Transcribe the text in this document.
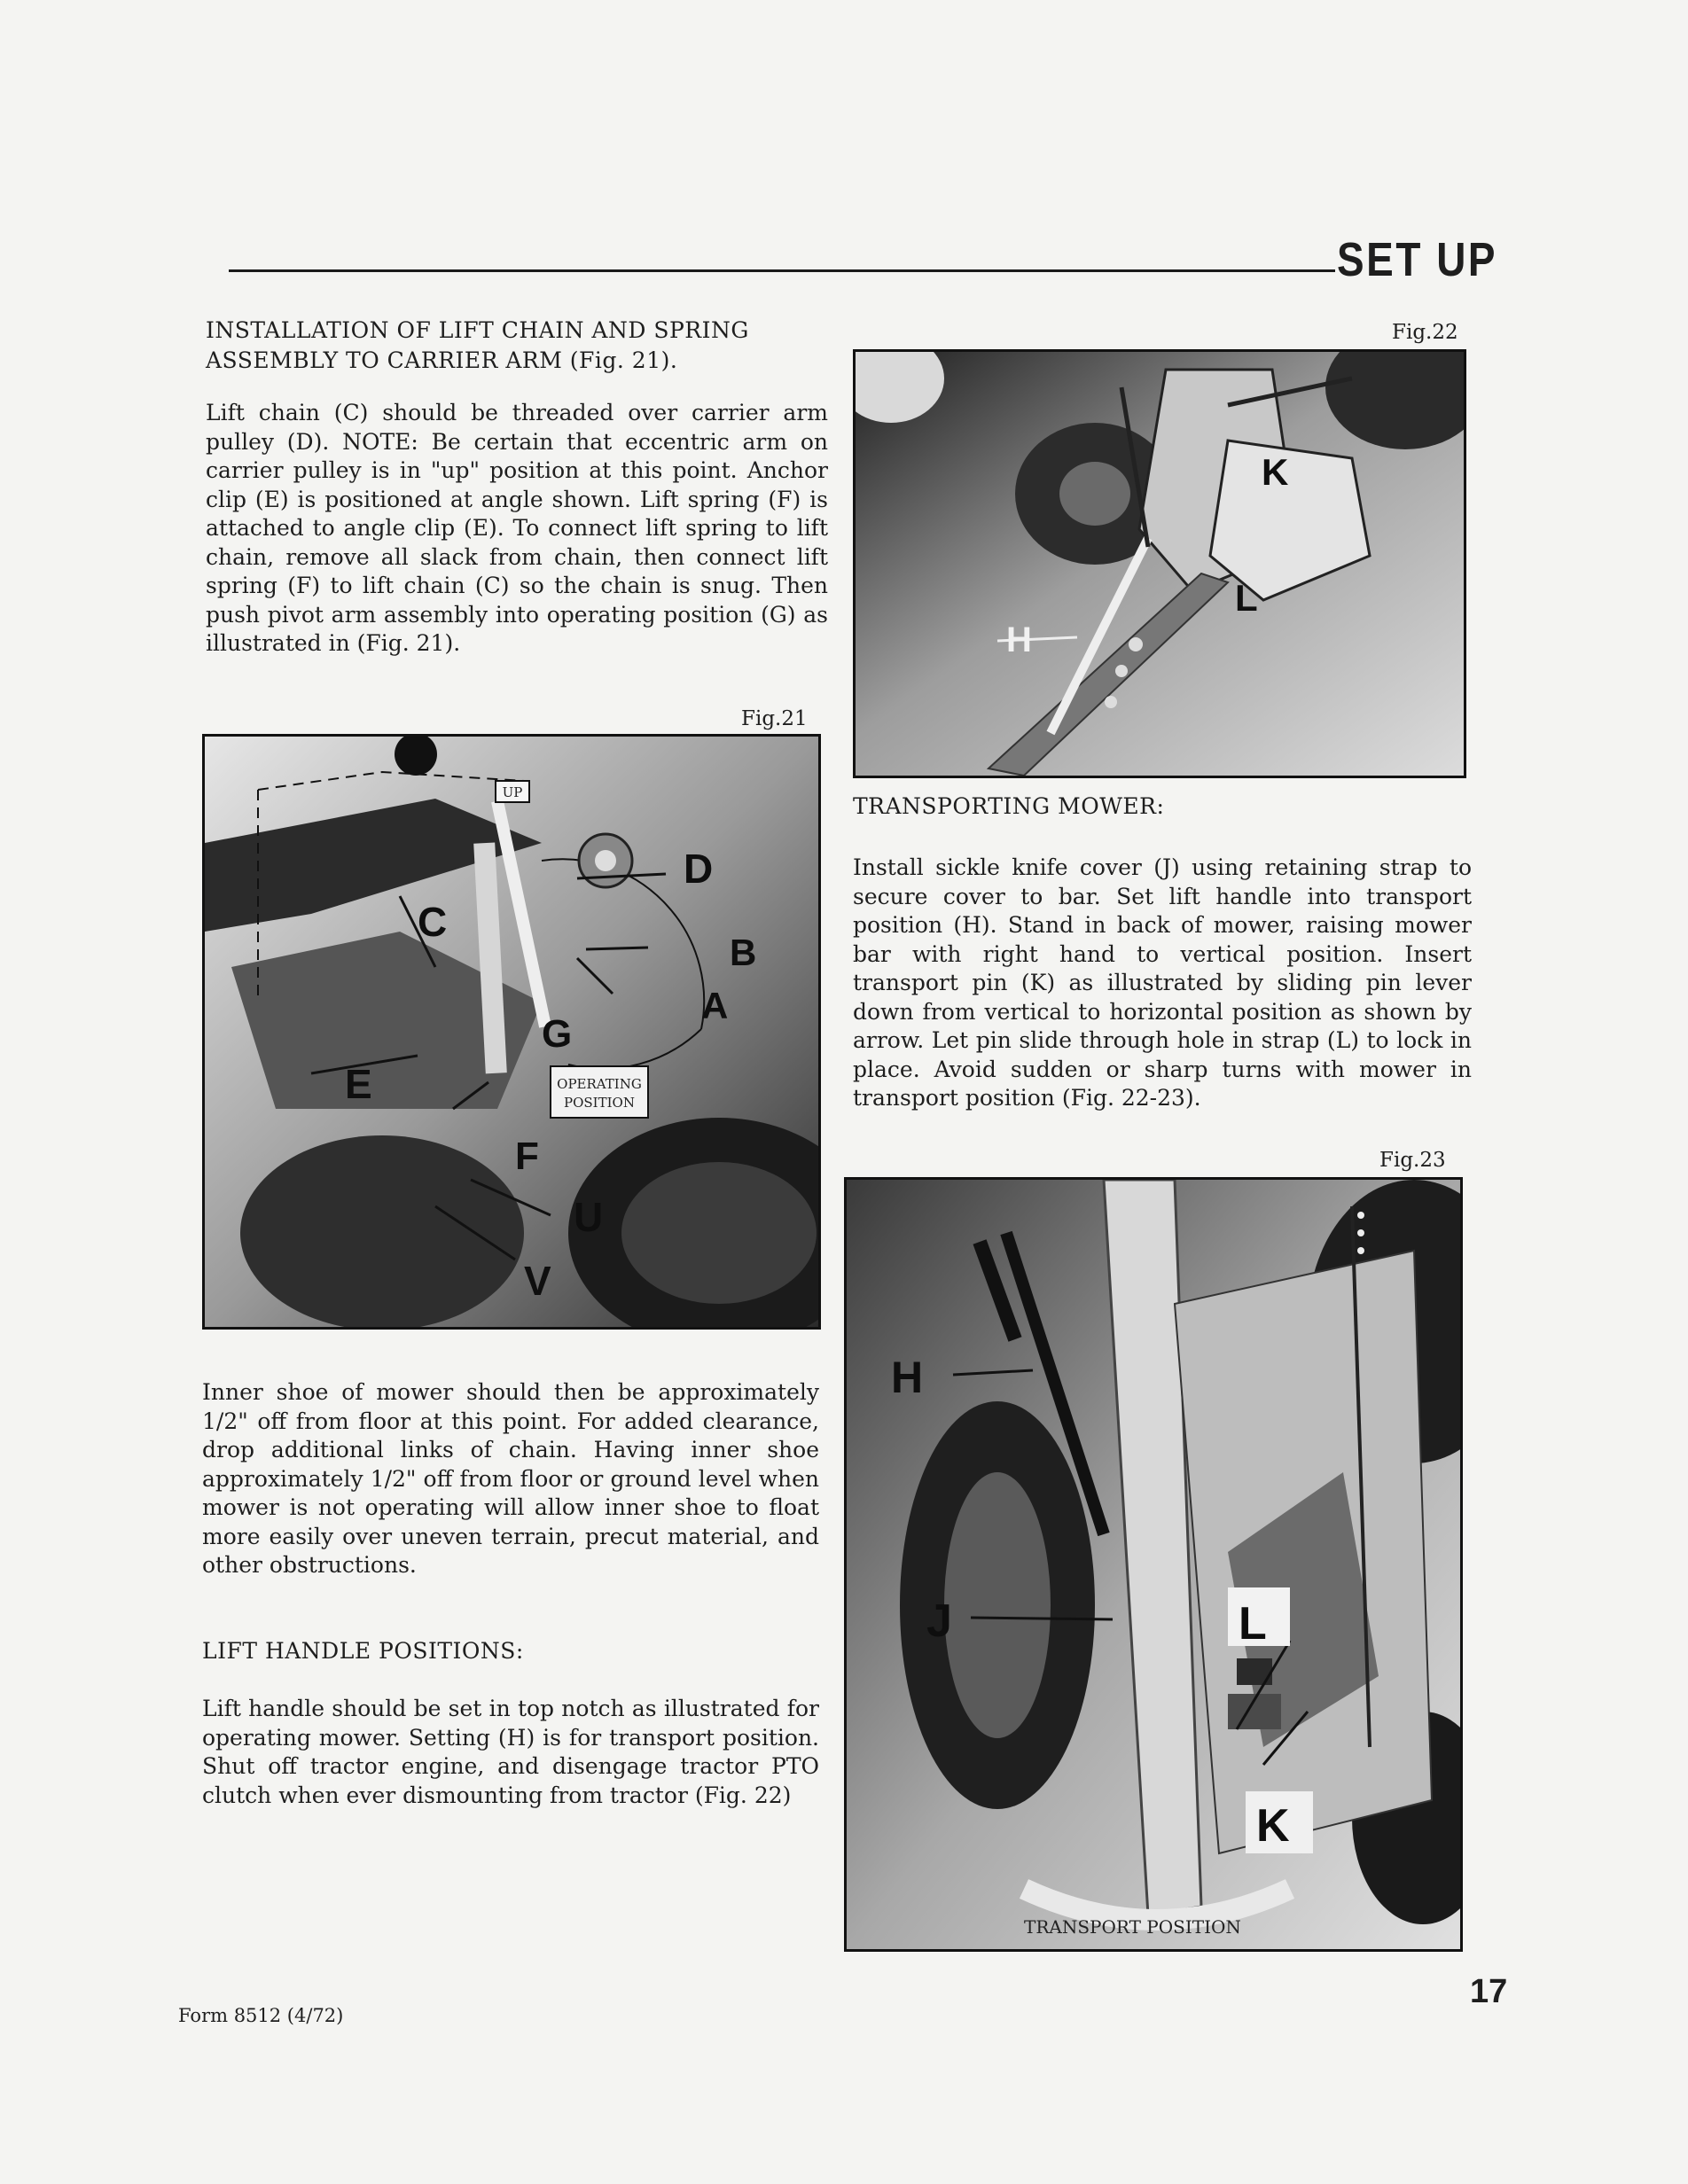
SET UP
INSTALLATION OF LIFT CHAIN AND SPRING ASSEMBLY TO CARRIER ARM (Fig. 21).
Lift chain (C) should be threaded over carrier arm pulley (D). NOTE: Be certain that eccentric arm on carrier pulley is in "up" position at this point. Anchor clip (E) is positioned at angle shown. Lift spring (F) is attached to angle clip (E). To connect lift spring to lift chain, remove all slack from chain, then connect lift spring (F) to lift chain (C) so the chain is snug. Then push pivot arm assembly into operating position (G) as illustrated in (Fig. 21).
Fig.21
UP
OPERATING
POSITION
D
C
B
A
G
E
F
U
V
Inner shoe of mower should then be approximately 1/2" off from floor at this point. For added clearance, drop additional links of chain. Having inner shoe approximately 1/2" off from floor or ground level when mower is not operating will allow inner shoe to float more easily over uneven terrain, precut material, and other obstructions.
LIFT HANDLE POSITIONS:
Lift handle should be set in top notch as illustrated for operating mower. Setting (H) is for transport position. Shut off tractor engine, and disengage tractor PTO clutch when ever dismounting from tractor (Fig. 22)
Fig.22
K
L
H
TRANSPORTING MOWER:
Install sickle knife cover (J) using retaining strap to secure cover to bar. Set lift handle into transport position (H). Stand in back of mower, raising mower bar with right hand to vertical position. Insert transport pin (K) as illustrated by sliding pin lever down from vertical to horizontal position as shown by arrow. Let pin slide through hole in strap (L) to lock in place. Avoid sudden or sharp turns with mower in transport position (Fig. 22-23).
Fig.23
H
J	L
K
TRANSPORT POSITION
17
Form 8512 (4/72)
